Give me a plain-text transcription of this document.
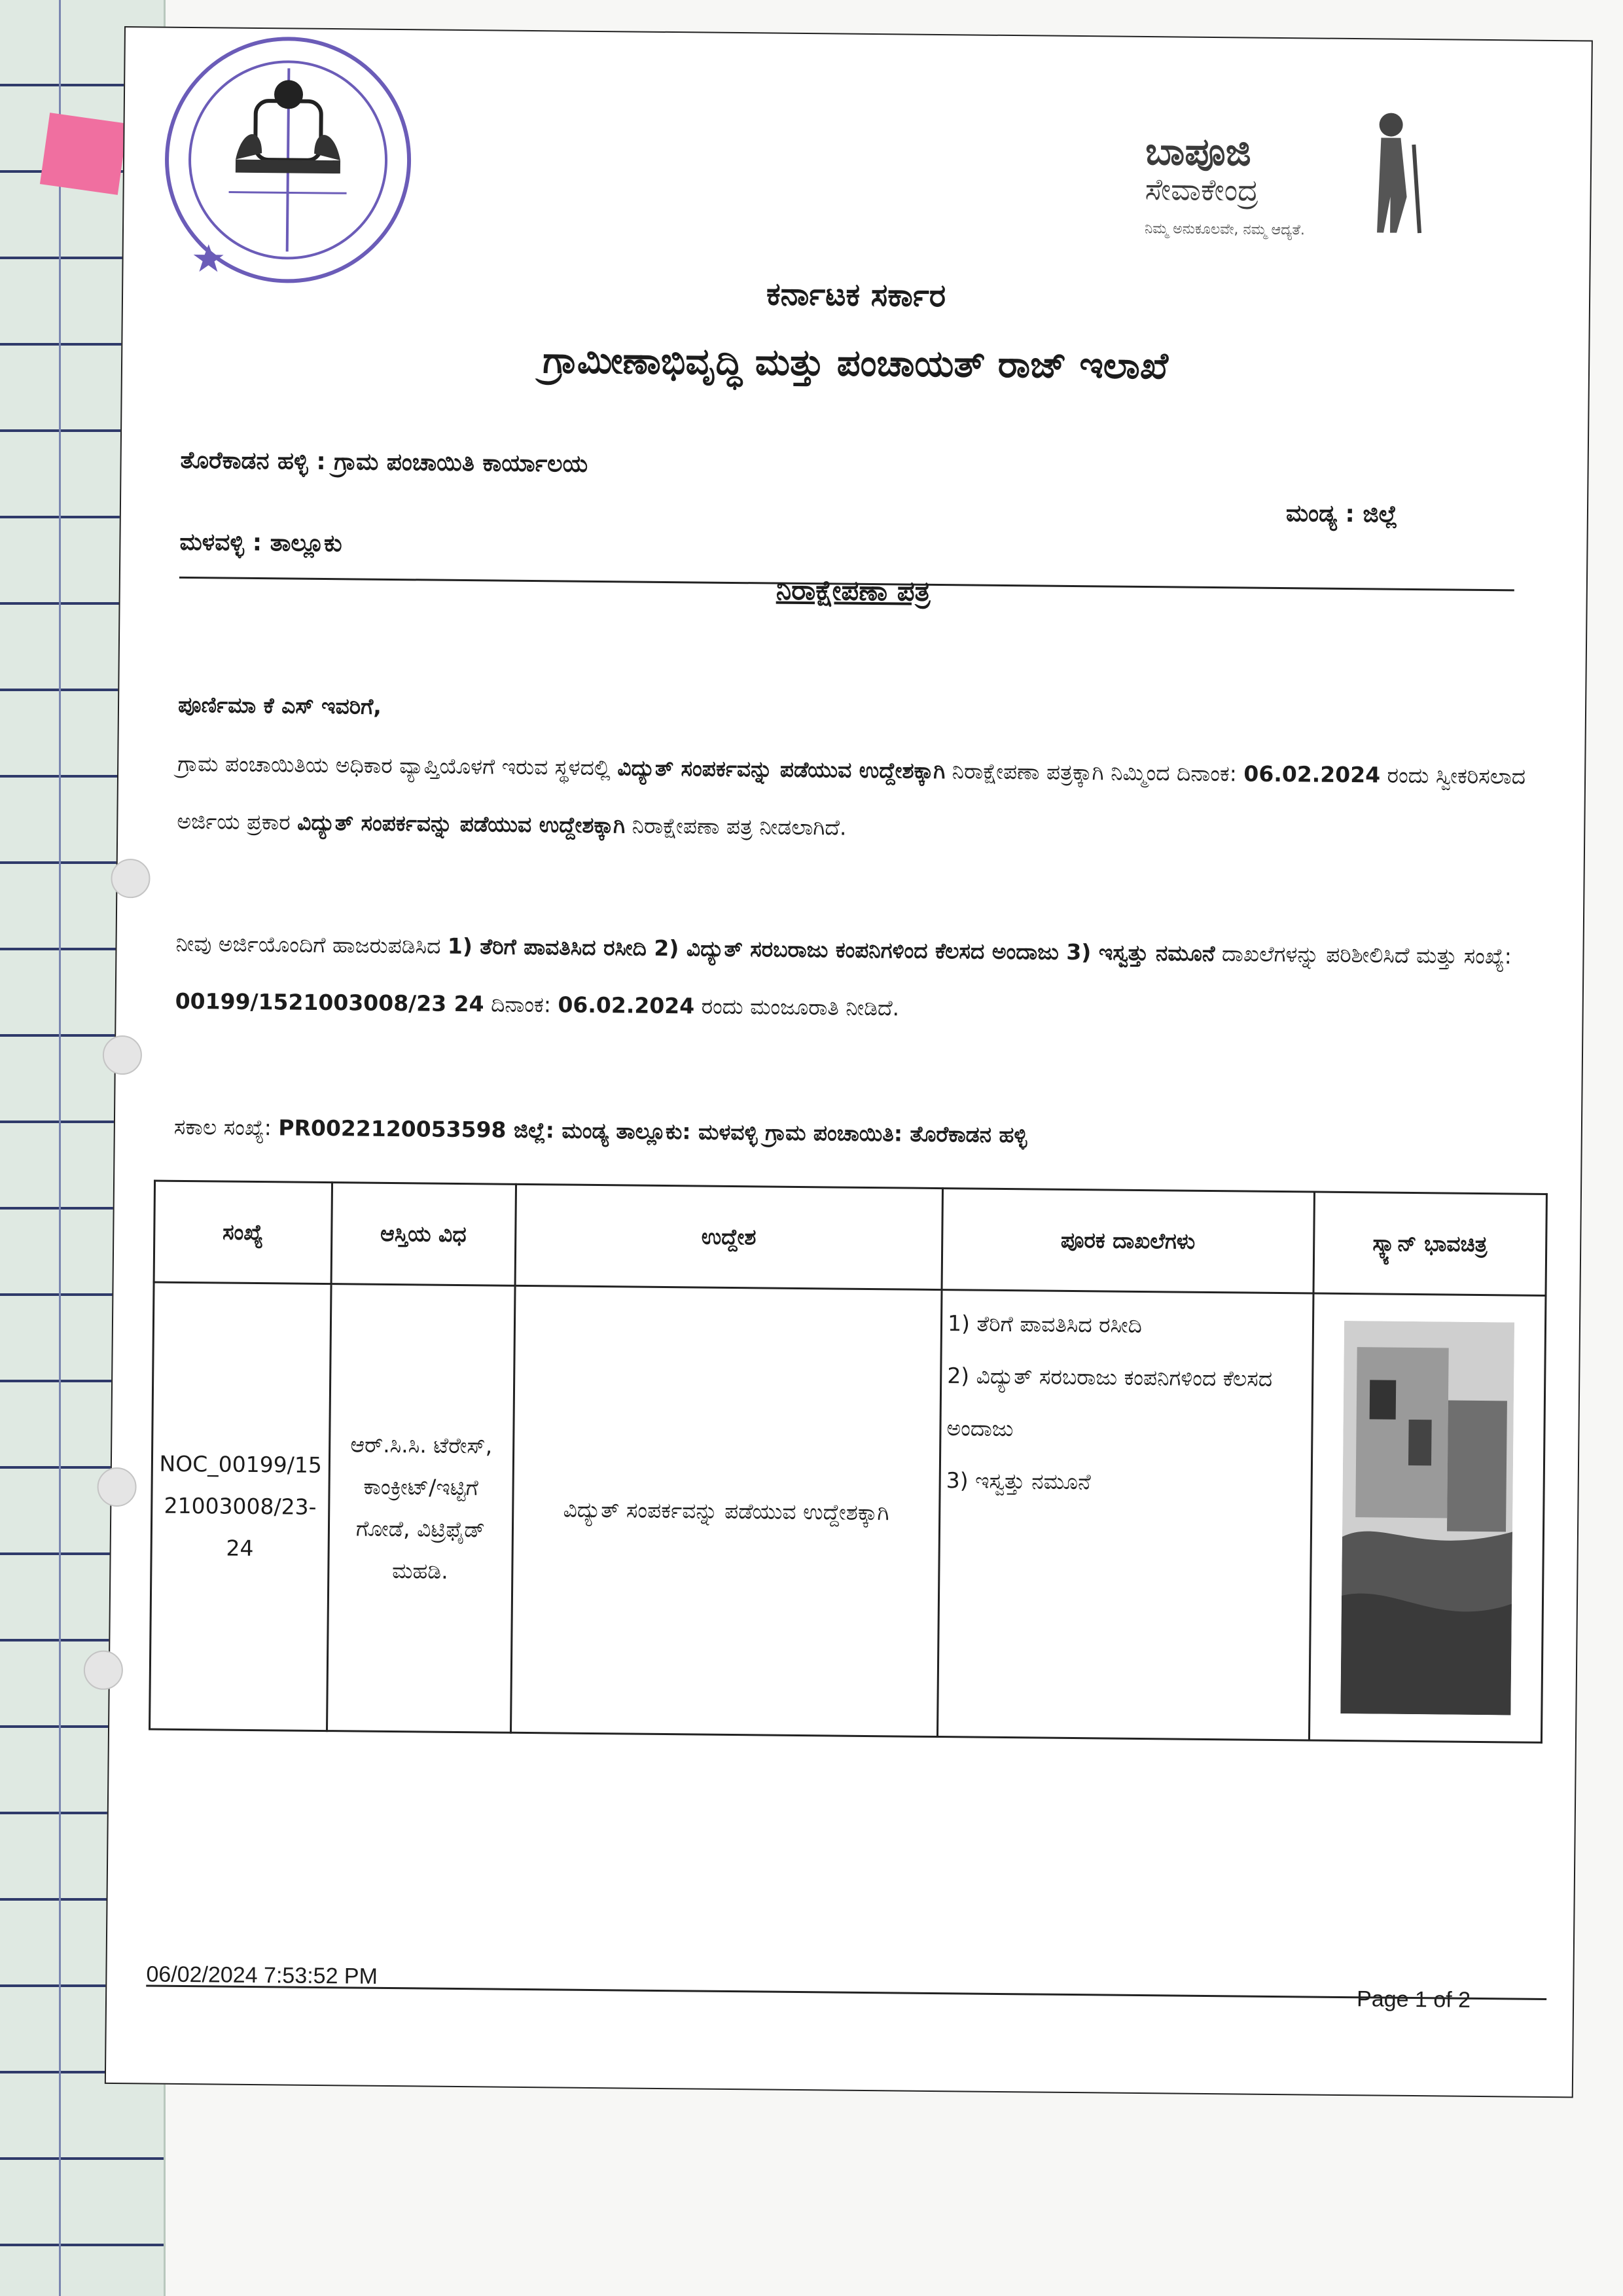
ಬಾಪೂಜಿ
ಸೇವಾಕೇಂದ್ರ
ನಿಮ್ಮ ಅನುಕೂಲವೇ, ನಮ್ಮ ಆದ್ಯತೆ.
ಕರ್ನಾಟಕ ಸರ್ಕಾರ
ಗ್ರಾಮೀಣಾಭಿವೃದ್ಧಿ ಮತ್ತು ಪಂಚಾಯತ್ ರಾಜ್ ಇಲಾಖೆ
ತೊರೆಕಾಡನ ಹಳ್ಳಿ : ಗ್ರಾಮ ಪಂಚಾಯಿತಿ ಕಾರ್ಯಾಲಯ
ಮಂಡ್ಯ : ಜಿಲ್ಲೆ
ಮಳವಳ್ಳಿ : ತಾಲ್ಲೂಕು
ನಿರಾಕ್ಷೇಪಣಾ ಪತ್ರ
ಪೂರ್ಣಿಮಾ ಕೆ ಎಸ್ ಇವರಿಗೆ,
ಗ್ರಾಮ ಪಂಚಾಯಿತಿಯ ಅಧಿಕಾರ ವ್ಯಾಪ್ತಿಯೊಳಗೆ ಇರುವ ಸ್ಥಳದಲ್ಲಿ ವಿದ್ಯುತ್ ಸಂಪರ್ಕವನ್ನು ಪಡೆಯುವ ಉದ್ದೇಶಕ್ಕಾಗಿ ನಿರಾಕ್ಷೇಪಣಾ ಪತ್ರಕ್ಕಾಗಿ ನಿಮ್ಮಿಂದ ದಿನಾಂಕ: 06.02.2024 ರಂದು ಸ್ವೀಕರಿಸಲಾದ ಅರ್ಜಿಯ ಪ್ರಕಾರ ವಿದ್ಯುತ್ ಸಂಪರ್ಕವನ್ನು ಪಡೆಯುವ ಉದ್ದೇಶಕ್ಕಾಗಿ ನಿರಾಕ್ಷೇಪಣಾ ಪತ್ರ ನೀಡಲಾಗಿದೆ.
ನೀವು ಅರ್ಜಿಯೊಂದಿಗೆ ಹಾಜರುಪಡಿಸಿದ 1) ತೆರಿಗೆ ಪಾವತಿಸಿದ ರಸೀದಿ 2) ವಿದ್ಯುತ್ ಸರಬರಾಜು ಕಂಪನಿಗಳಿಂದ ಕೆಲಸದ ಅಂದಾಜು 3) ಇಸ್ವತ್ತು ನಮೂನೆ ದಾಖಲೆಗಳನ್ನು ಪರಿಶೀಲಿಸಿದೆ ಮತ್ತು ಸಂಖ್ಯೆ: 00199/1521003008/23 24 ದಿನಾಂಕ: 06.02.2024 ರಂದು ಮಂಜೂರಾತಿ ನೀಡಿದೆ.
ಸಕಾಲ ಸಂಖ್ಯೆ: PR0022120053598 ಜಿಲ್ಲೆ: ಮಂಡ್ಯ ತಾಲ್ಲೂಕು: ಮಳವಳ್ಳಿ ಗ್ರಾಮ ಪಂಚಾಯಿತಿ: ತೊರೆಕಾಡನ ಹಳ್ಳಿ
ಸಂಖ್ಯೆ	ಆಸ್ತಿಯ ವಿಧ	ಉದ್ದೇಶ	ಪೂರಕ ದಾಖಲೆಗಳು	ಸ್ಕ್ಯಾನ್ ಭಾವಚಿತ್ರ
NOC_00199/1521003008/23-24	ಆರ್.ಸಿ.ಸಿ. ಟೆರೇಸ್, ಕಾಂಕ್ರೀಟ್/ಇಟ್ಟಿಗೆ ಗೋಡೆ, ವಿಟ್ರಿಫೈಡ್ ಮಹಡಿ.	ವಿದ್ಯುತ್ ಸಂಪರ್ಕವನ್ನು ಪಡೆಯುವ ಉದ್ದೇಶಕ್ಕಾಗಿ	1) ತೆರಿಗೆ ಪಾವತಿಸಿದ ರಸೀದಿ
2) ವಿದ್ಯುತ್ ಸರಬರಾಜು ಕಂಪನಿಗಳಿಂದ ಕೆಲಸದ ಅಂದಾಜು
3) ಇಸ್ವತ್ತು ನಮೂನೆ

Page 1 of 2
06/02/2024 7:53:52 PM
